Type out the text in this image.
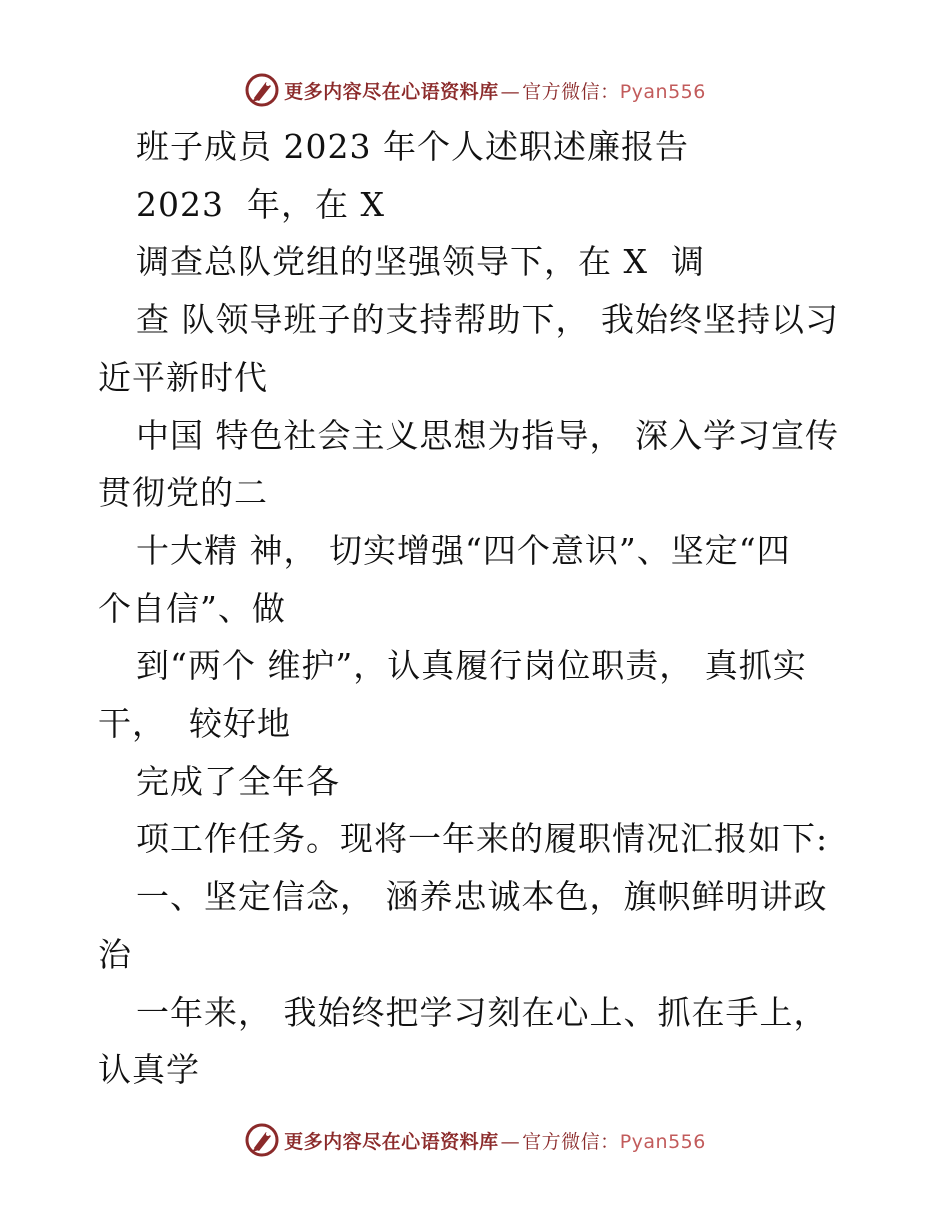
更多内容尽在心语资料库 — 官方微信：Pyan556
班子成员 2023 年个人述职述廉报告
2023  年，在 X
调查总队党组的坚强领导下，在 X  调
查 队领导班子的支持帮助下， 我始终坚持以习
近平新时代
中国 特色社会主义思想为指导， 深入学习宣传
贯彻党的二
十大精 神， 切实增强“四个意识”、坚定“四
个自信”、做
到“两个 维护”，认真履行岗位职责， 真抓实
干，  较好地
完成了全年各
项工作任务。现将一年来的履职情况汇报如下:
一、坚定信念， 涵养忠诚本色，旗帜鲜明讲政
治
一年来， 我始终把学习刻在心上、抓在手上，
认真学
更多内容尽在心语资料库 — 官方微信：Pyan556
